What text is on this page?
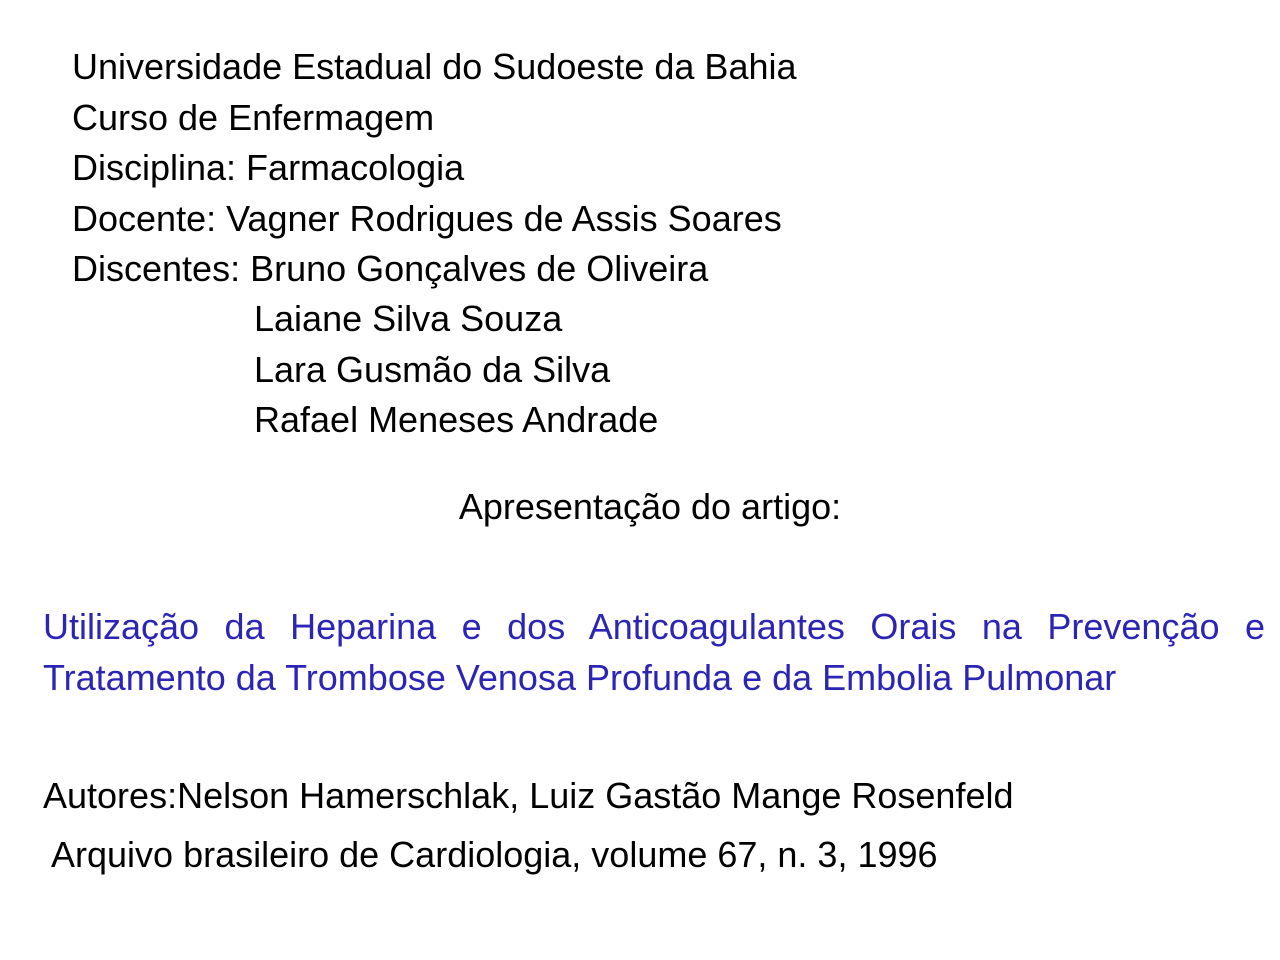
Universidade Estadual do Sudoeste da Bahia
Curso de Enfermagem
Disciplina: Farmacologia
Docente: Vagner Rodrigues de Assis Soares
Discentes: Bruno Gonçalves de Oliveira
Laiane Silva Souza
Lara Gusmão da Silva
Rafael Meneses Andrade
Apresentação do artigo:
Utilização da Heparina e dos Anticoagulantes Orais na Prevenção e Tratamento da Trombose Venosa Profunda e da Embolia Pulmonar
Autores:Nelson Hamerschlak, Luiz Gastão Mange Rosenfeld
Arquivo brasileiro de Cardiologia, volume 67, n. 3, 1996
